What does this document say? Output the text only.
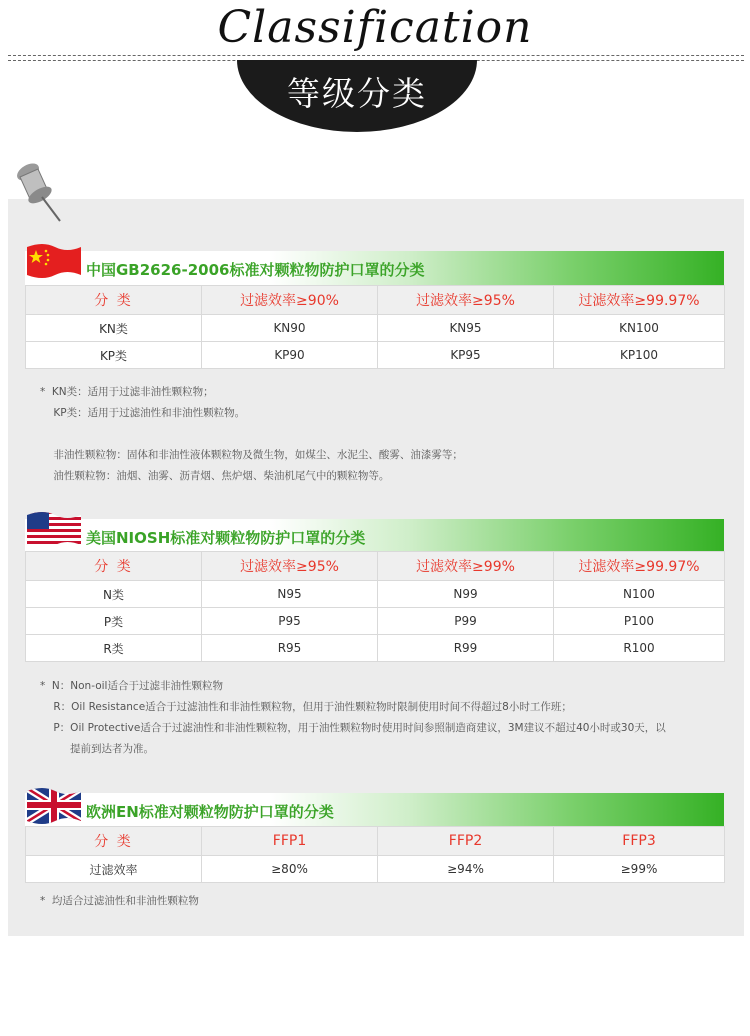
Classification
等级分类
中国GB2626-2006标准对颗粒物防护口罩的分类
分 类	过滤效率≥90%	过滤效率≥95%	过滤效率≥99.97%
KN类	KN90	KN95	KN100
KP类	KP90	KP95	KP100
*  KN类：适用于过滤非油性颗粒物；
KP类：适用于过滤油性和非油性颗粒物。

非油性颗粒物：固体和非油性液体颗粒物及微生物，如煤尘、水泥尘、酸雾、油漆雾等；
油性颗粒物：油烟、油雾、沥青烟、焦炉烟、柴油机尾气中的颗粒物等。
美国NIOSH标准对颗粒物防护口罩的分类
分 类	过滤效率≥95%	过滤效率≥99%	过滤效率≥99.97%
N类	N95	N99	N100
P类	P95	P99	P100
R类	R95	R99	R100
*  N：Non-oil适合于过滤非油性颗粒物
R：Oil Resistance适合于过滤油性和非油性颗粒物，但用于油性颗粒物时限制使用时间不得超过8小时工作班；
P：Oil Protective适合于过滤油性和非油性颗粒物，用于油性颗粒物时使用时间参照制造商建议，3M建议不超过40小时或30天，以
提前到达者为准。
欧洲EN标准对颗粒物防护口罩的分类
分 类	FFP1	FFP2	FFP3
过滤效率	≥80%	≥94%	≥99%
*  均适合过滤油性和非油性颗粒物
